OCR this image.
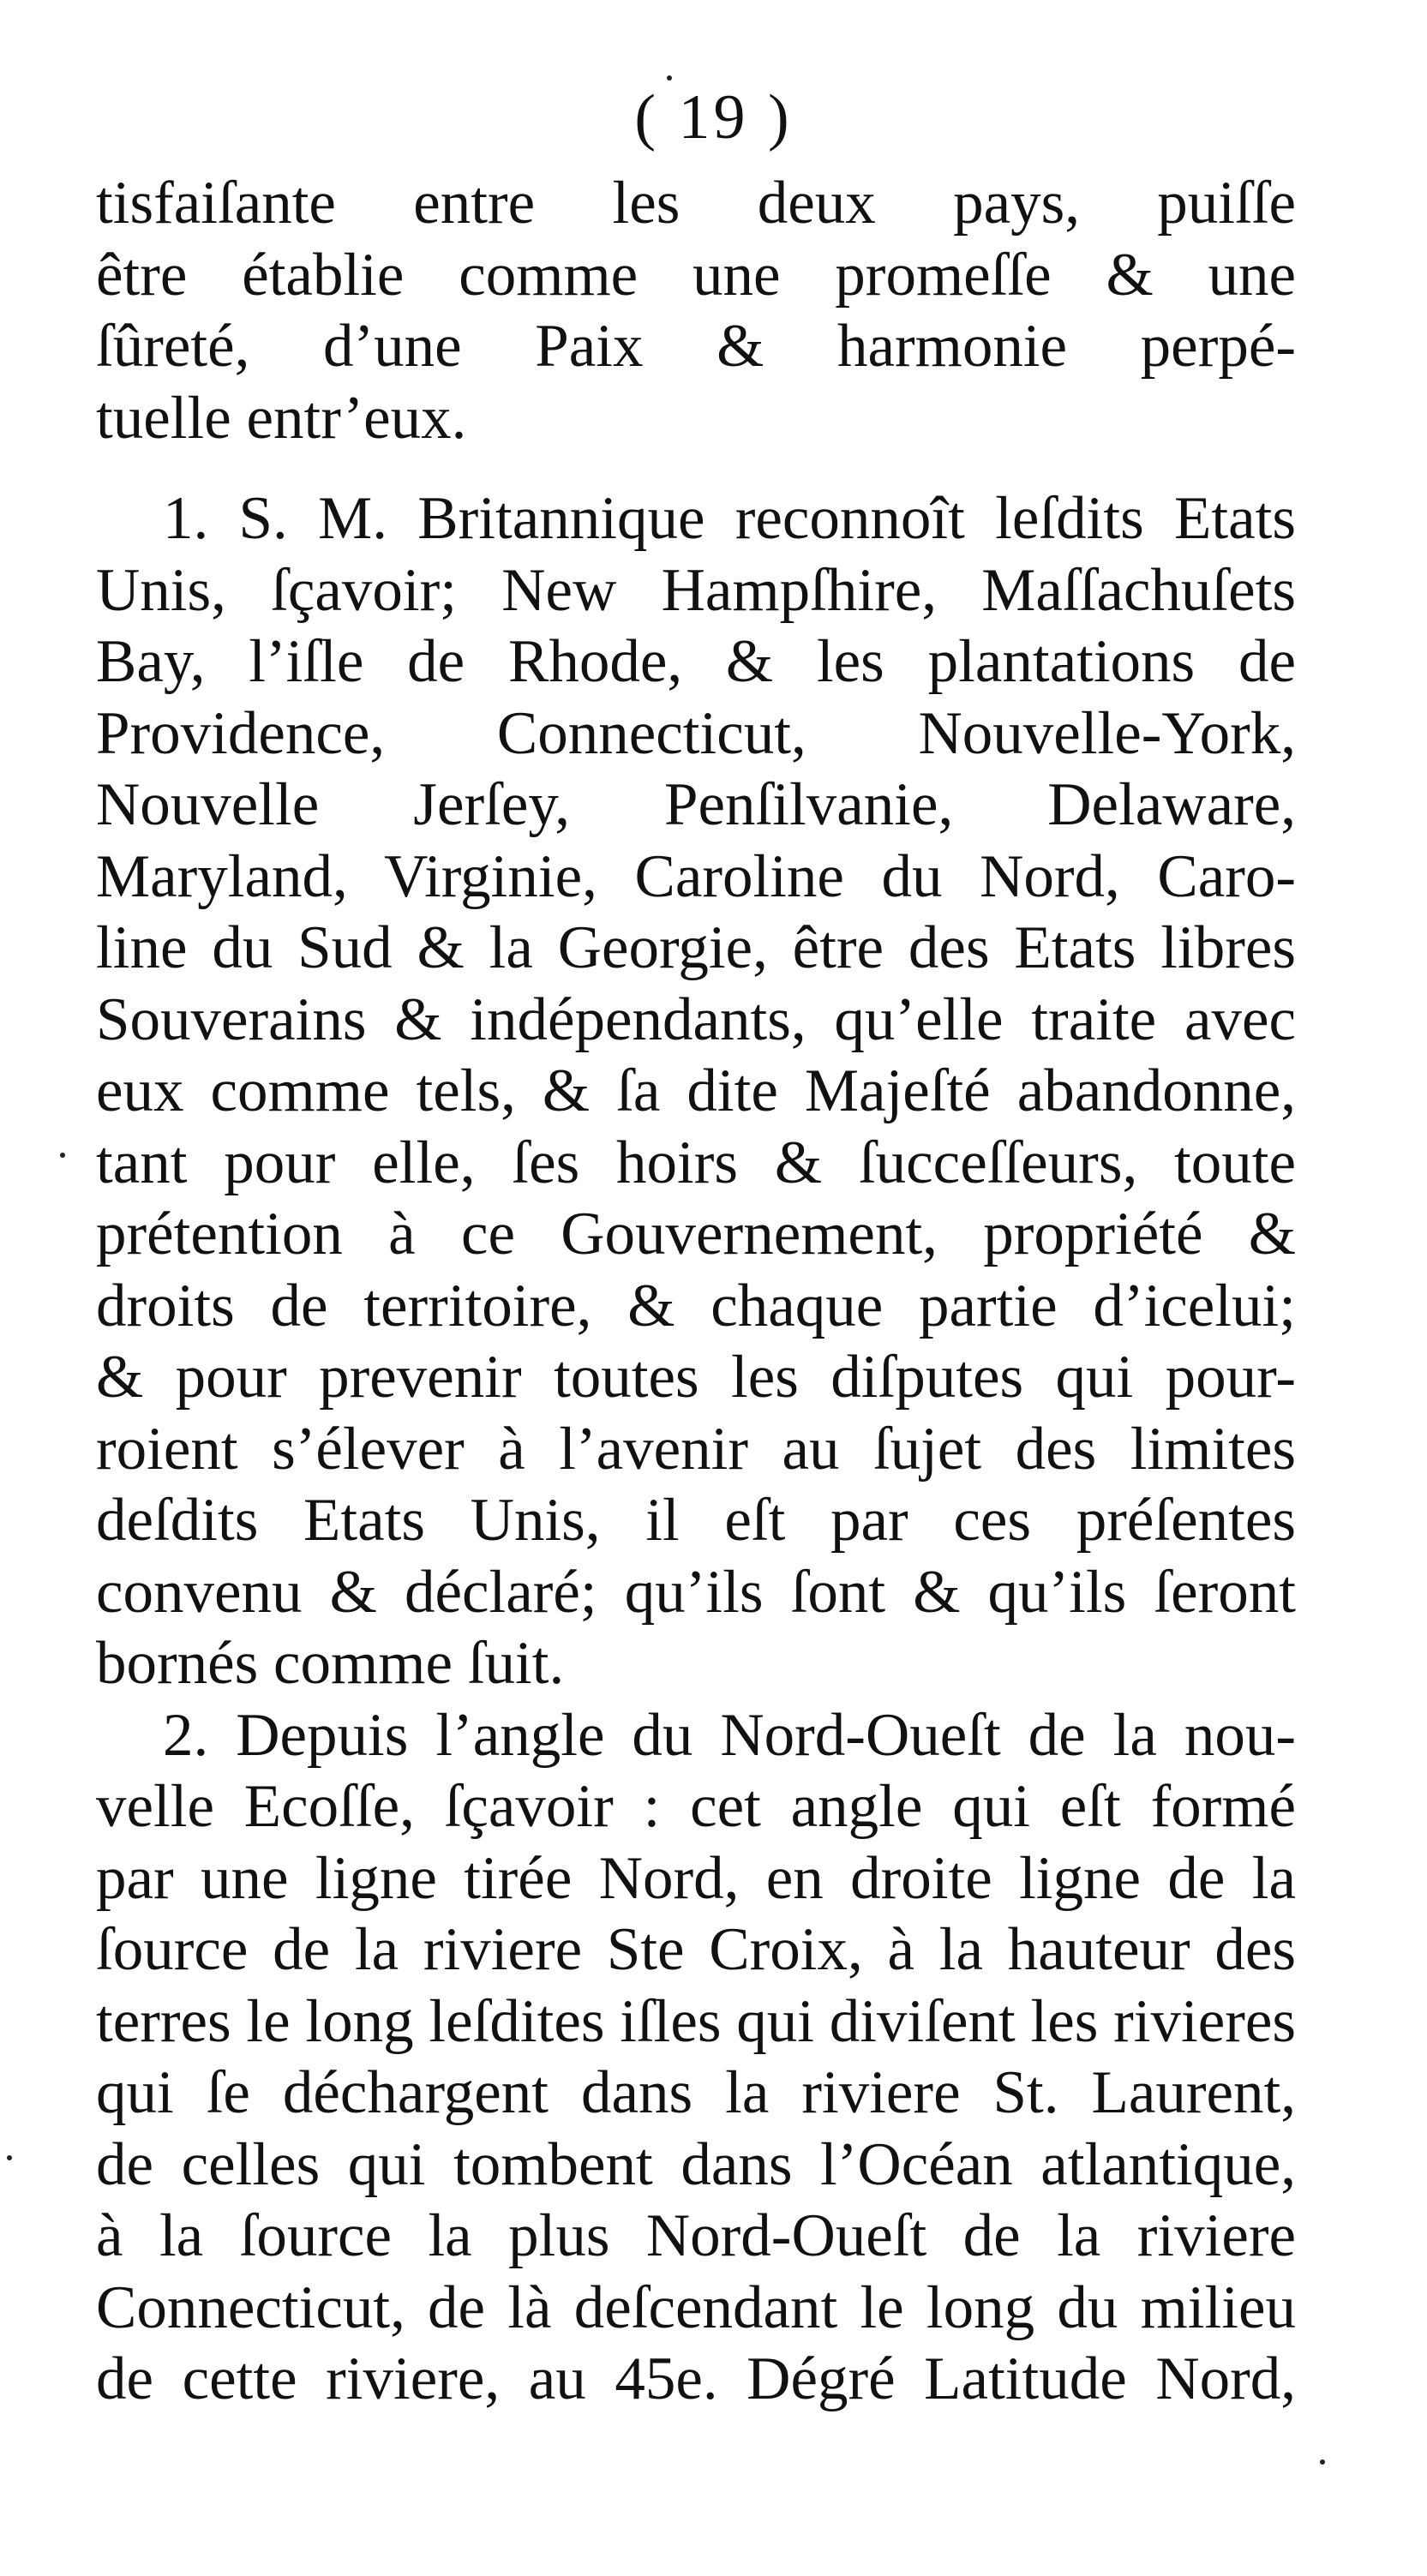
( 19 )
tisfaiſante entre les deux pays, puiſſe
être établie comme une promeſſe & une
ſûreté, d’une Paix & harmonie perpé-
tuelle entr’eux.
1. S. M. Britannique reconnoît leſdits Etats
Unis, ſçavoir; New Hampſhire, Maſſachuſets
Bay, l’iſle de Rhode, & les plantations de
Providence, Connecticut, Nouvelle-York,
Nouvelle Jerſey, Penſilvanie, Delaware,
Maryland, Virginie, Caroline du Nord, Caro-
line du Sud & la Georgie, être des Etats libres
Souverains & indépendants, qu’elle traite avec
eux comme tels, & ſa dite Majeſté abandonne,
tant pour elle, ſes hoirs & ſucceſſeurs, toute
prétention à ce Gouvernement, propriété &
droits de territoire, & chaque partie d’icelui;
& pour prevenir toutes les diſputes qui pour-
roient s’élever à l’avenir au ſujet des limites
deſdits Etats Unis, il eſt par ces préſentes
convenu & déclaré; qu’ils ſont & qu’ils ſeront
bornés comme ſuit.
2. Depuis l’angle du Nord-Oueſt de la nou-
velle Ecoſſe, ſçavoir : cet angle qui eſt formé
par une ligne tirée Nord, en droite ligne de la
ſource de la riviere Ste Croix, à la hauteur des
terres le long leſdites iſles qui diviſent les rivieres
qui ſe déchargent dans la riviere St. Laurent,
de celles qui tombent dans l’Océan atlantique,
à la ſource la plus Nord-Oueſt de la riviere
Connecticut, de là deſcendant le long du milieu
de cette riviere, au 45e. Dégré Latitude Nord,
